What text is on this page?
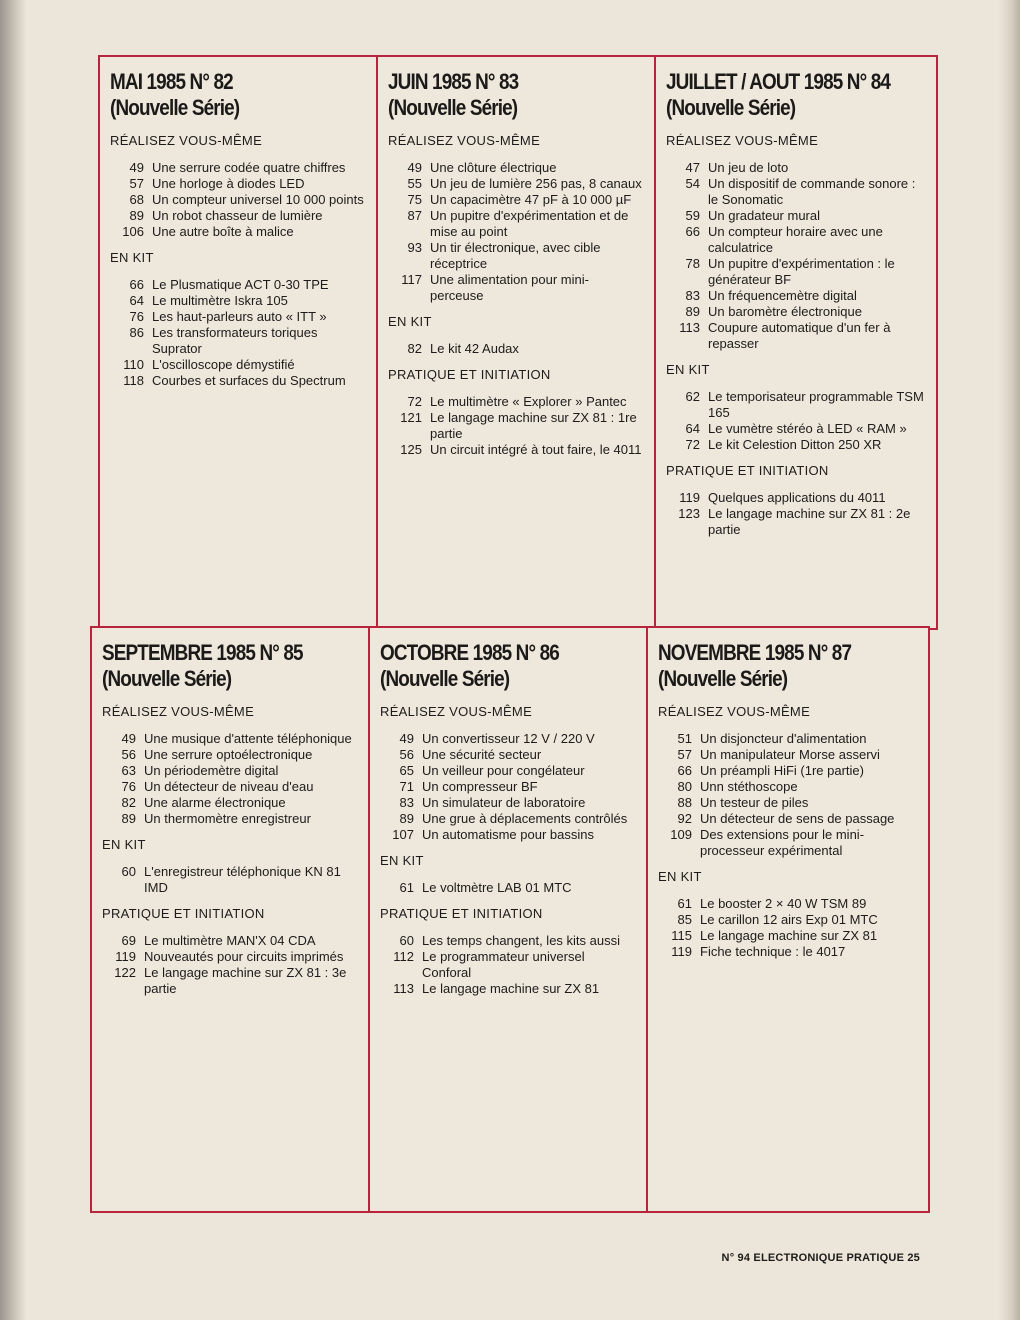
MAI 1985 N° 82
(Nouvelle Série)
RÉALISEZ VOUS-MÊME
49 Une serrure codée quatre chiffres
57 Une horloge à diodes LED
68 Un compteur universel 10 000 points
89 Un robot chasseur de lumière
106 Une autre boîte à malice
EN KIT
66 Le Plusmatique ACT 0-30 TPE
64 Le multimètre Iskra 105
76 Les haut-parleurs auto « ITT »
86 Les transformateurs toriques Suprator
110 L'oscilloscope démystifié
118 Courbes et surfaces du Spectrum
JUIN 1985 N° 83
(Nouvelle Série)
RÉALISEZ VOUS-MÊME
49 Une clôture électrique
55 Un jeu de lumière 256 pas, 8 canaux
75 Un capacimètre 47 pF à 10 000 µF
87 Un pupitre d'expérimentation et de mise au point
93 Un tir électronique, avec cible réceptrice
117 Une alimentation pour mini-perceuse
EN KIT
82 Le kit 42 Audax
PRATIQUE ET INITIATION
72 Le multimètre « Explorer » Pantec
121 Le langage machine sur ZX 81 : 1re partie
125 Un circuit intégré à tout faire, le 4011
JUILLET / AOUT 1985 N° 84
(Nouvelle Série)
RÉALISEZ VOUS-MÊME
47 Un jeu de loto
54 Un dispositif de commande sonore : le Sonomatic
59 Un gradateur mural
66 Un compteur horaire avec une calculatrice
78 Un pupitre d'expérimentation : le générateur BF
83 Un fréquencemètre digital
89 Un baromètre électronique
113 Coupure automatique d'un fer à repasser
EN KIT
62 Le temporisateur programmable TSM 165
64 Le vumètre stéréo à LED « RAM »
72 Le kit Celestion Ditton 250 XR
PRATIQUE ET INITIATION
119 Quelques applications du 4011
123 Le langage machine sur ZX 81 : 2e partie
SEPTEMBRE 1985 N° 85
(Nouvelle Série)
RÉALISEZ VOUS-MÊME
49 Une musique d'attente téléphonique
56 Une serrure optoélectronique
63 Un périodemètre digital
76 Un détecteur de niveau d'eau
82 Une alarme électronique
89 Un thermomètre enregistreur
EN KIT
60 L'enregistreur téléphonique KN 81 IMD
PRATIQUE ET INITIATION
69 Le multimètre MAN'X 04 CDA
119 Nouveautés pour circuits imprimés
122 Le langage machine sur ZX 81 : 3e partie
OCTOBRE 1985 N° 86
(Nouvelle Série)
RÉALISEZ VOUS-MÊME
49 Un convertisseur 12 V / 220 V
56 Une sécurité secteur
65 Un veilleur pour congélateur
71 Un compresseur BF
83 Un simulateur de laboratoire
89 Une grue à déplacements contrôlés
107 Un automatisme pour bassins
EN KIT
61 Le voltmètre LAB 01 MTC
PRATIQUE ET INITIATION
60 Les temps changent, les kits aussi
112 Le programmateur universel Conforal
113 Le langage machine sur ZX 81
NOVEMBRE 1985 N° 87
(Nouvelle Série)
RÉALISEZ VOUS-MÊME
51 Un disjoncteur d'alimentation
57 Un manipulateur Morse asservi
66 Un préampli HiFi (1re partie)
80 Unn stéthoscope
88 Un testeur de piles
92 Un détecteur de sens de passage
109 Des extensions pour le mini-processeur expérimental
EN KIT
61 Le booster 2 × 40 W TSM 89
85 Le carillon 12 airs Exp 01 MTC
115 Le langage machine sur ZX 81
119 Fiche technique : le 4017
N° 94 ELECTRONIQUE PRATIQUE 25
